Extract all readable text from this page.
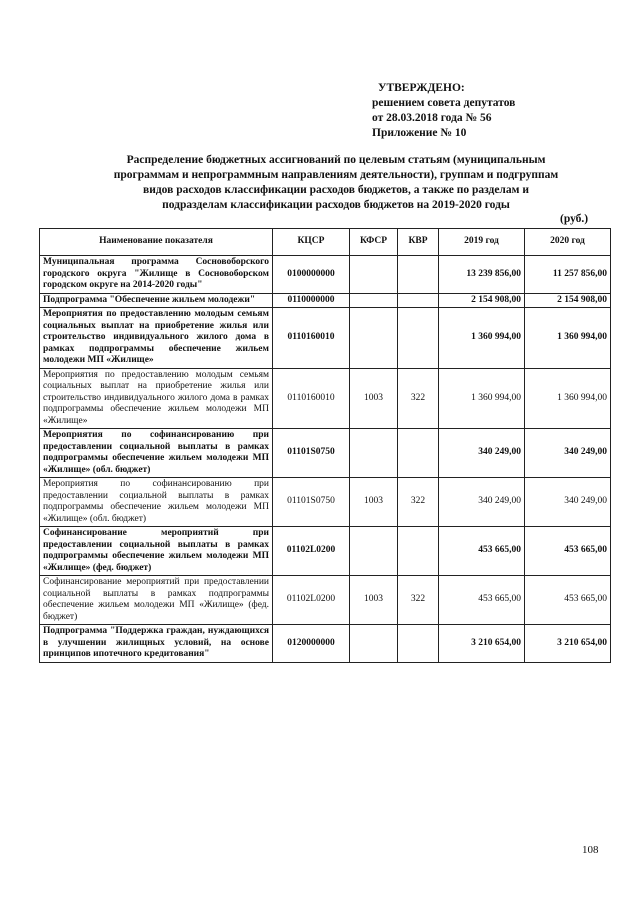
УТВЕРЖДЕНО:
решением совета депутатов
от 28.03.2018 года № 56
Приложение № 10
Распределение бюджетных ассигнований по целевым статьям (муниципальным
программам и непрограммным направлениям деятельности), группам и подгруппам
видов расходов классификации расходов бюджетов, а также по разделам и
подразделам классификации расходов бюджетов на 2019-2020 годы
(руб.)
Наименование показателя	КЦСР	КФСР	КВР	2019 год	2020 год
Муниципальная программа Сосновоборского городского округа "Жилище в Сосновоборском городском округе на 2014-2020 годы"	0100000000			13 239 856,00	11 257 856,00
Подпрограмма "Обеспечение жильем молодежи"	0110000000			2 154 908,00	2 154 908,00
Мероприятия по предоставлению молодым семьям социальных выплат на приобретение жилья или строительство индивидуального жилого дома в рамках подпрограммы обеспечение жильем молодежи МП «Жилище»	0110160010			1 360 994,00	1 360 994,00
Мероприятия по предоставлению молодым семьям социальных выплат на приобретение жилья или строительство индивидуального жилого дома в рамках подпрограммы обеспечение жильем молодежи МП «Жилище»	0110160010	1003	322	1 360 994,00	1 360 994,00
Мероприятия по софинансированию при предоставлении социальной выплаты в рамках подпрограммы обеспечение жильем молодежи МП «Жилище» (обл. бюджет)	01101S0750			340 249,00	340 249,00
Мероприятия по софинансированию при предоставлении социальной выплаты в рамках подпрограммы обеспечение жильем молодежи МП «Жилище» (обл. бюджет)	01101S0750	1003	322	340 249,00	340 249,00
Софинансирование мероприятий при предоставлении социальной выплаты в рамках подпрограммы обеспечение жильем молодежи МП «Жилище» (фед. бюджет)	01102L0200			453 665,00	453 665,00
Софинансирование мероприятий при предоставлении социальной выплаты в рамках подпрограммы обеспечение жильем молодежи МП «Жилище» (фед. бюджет)	01102L0200	1003	322	453 665,00	453 665,00
Подпрограмма "Поддержка граждан, нуждающихся в улучшении жилищных условий, на основе принципов ипотечного кредитования"	0120000000			3 210 654,00	3 210 654,00
108
